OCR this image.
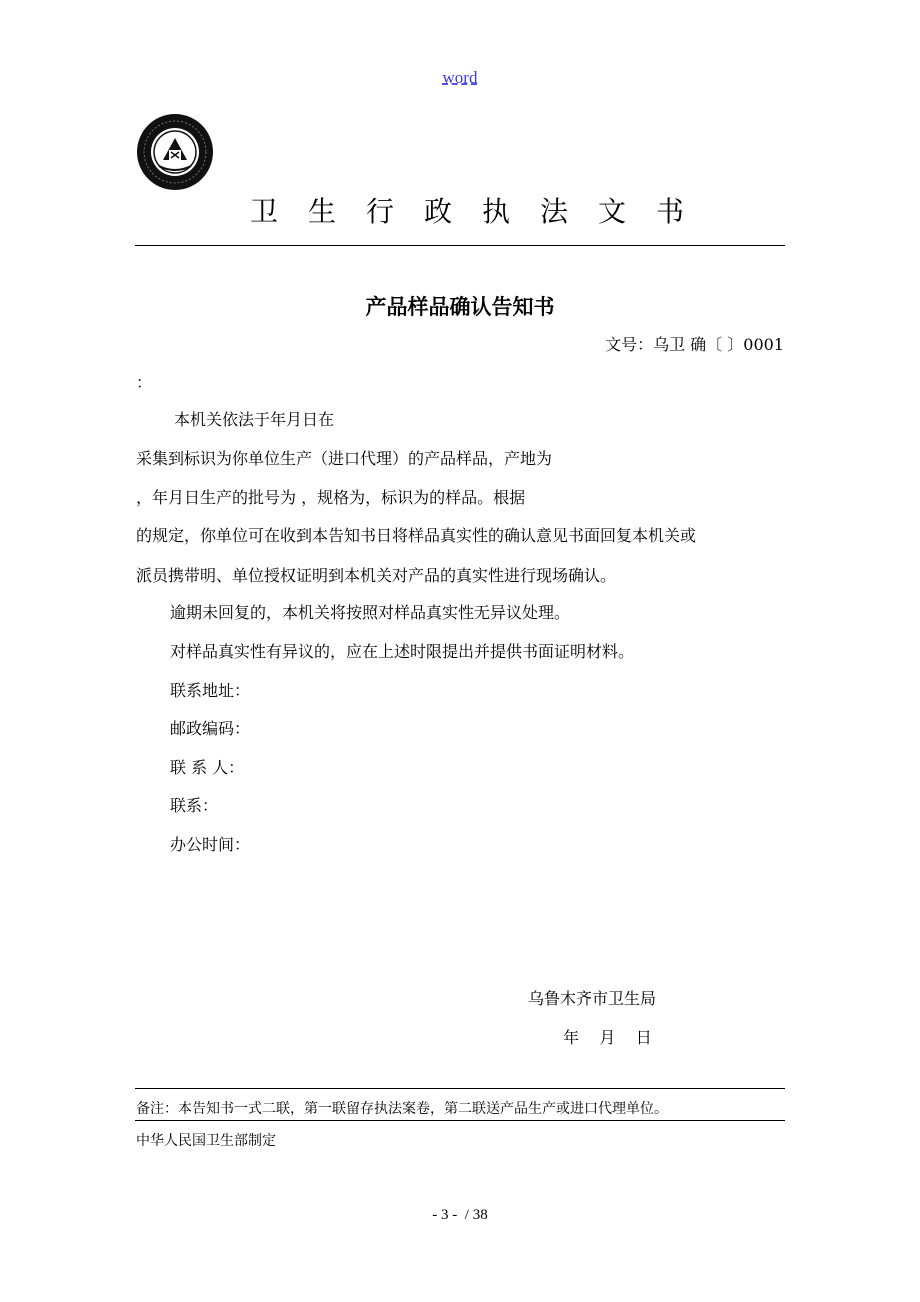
word
卫生行政执法文书
产品样品确认告知书
文号：乌卫 确〔 〕0001
：
本机关依法于年月日在
采集到标识为你单位生产（进口代理）的产品样品，产地为
，年月日生产的批号为 ，规格为，标识为的样品。根据
的规定，你单位可在收到本告知书日将样品真实性的确认意见书面回复本机关或
派员携带明、单位授权证明到本机关对产品的真实性进行现场确认。
逾期未回复的，本机关将按照对样品真实性无异议处理。
对样品真实性有异议的，应在上述时限提出并提供书面证明材料。
联系地址：
邮政编码：
联 系 人：
联系：
办公时间：
乌鲁木齐市卫生局
年    月    日
备注：本告知书一式二联，第一联留存执法案卷，第二联送产品生产或进口代理单位。
中华人民国卫生部制定
- 3 -  / 38
